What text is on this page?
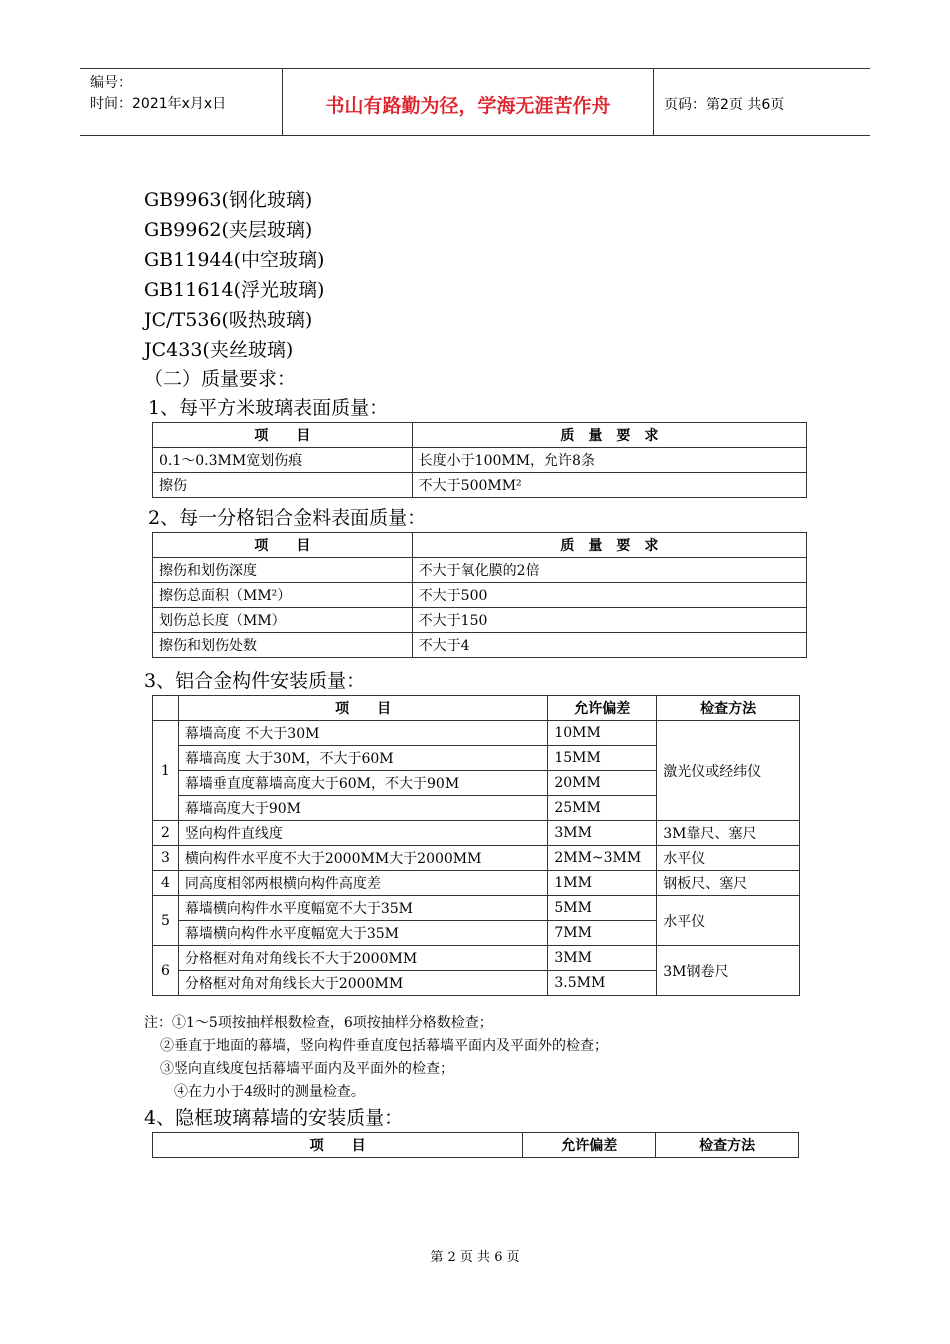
编号：
时间：2021年x月x日	书山有路勤为径，学海无涯苦作舟	页码：第2页 共6页
GB9963(钢化玻璃)
GB9962(夹层玻璃)
GB11944(中空玻璃)
GB11614(浮光玻璃)
JC/T536(吸热玻璃)
JC433(夹丝玻璃)
（二）质量要求：
1、每平方米玻璃表面质量：
项　　目	质　量　要　求
0.1～0.3MM宽划伤痕	长度小于100MM，允许8条
擦伤	不大于500MM²
2、每一分格铝合金料表面质量：
项　　目	质　量　要　求
擦伤和划伤深度	不大于氧化膜的2倍
擦伤总面积（MM²）	不大于500
划伤总长度（MM）	不大于150
擦伤和划伤处数	不大于4
3、铝合金构件安装质量：
	项　　目	允许偏差	检查方法
1	幕墙高度 不大于30M	10MM	激光仪或经纬仪
	幕墙高度 大于30M，不大于60M	15MM	
	幕墙垂直度幕墙高度大于60M，不大于90M	20MM	
	幕墙高度大于90M	25MM	
2	竖向构件直线度	3MM	3M靠尺、塞尺
3	横向构件水平度不大于2000MM大于2000MM	2MM~3MM	水平仪
4	同高度相邻两根横向构件高度差	1MM	钢板尺、塞尺
5	幕墙横向构件水平度幅宽不大于35M	5MM	水平仪
	幕墙横向构件水平度幅宽大于35M	7MM	
6	分格框对角对角线长不大于2000MM	3MM	3M钢卷尺
	分格框对角对角线长大于2000MM	3.5MM	
注：①1～5项按抽样根数检查，6项按抽样分格数检查；
②垂直于地面的幕墙，竖向构件垂直度包括幕墙平面内及平面外的检查；
③竖向直线度包括幕墙平面内及平面外的检查；
④在力小于4级时的测量检查。
4、隐框玻璃幕墙的安装质量：
项　　目	允许偏差	检查方法
第 2 页 共 6 页
